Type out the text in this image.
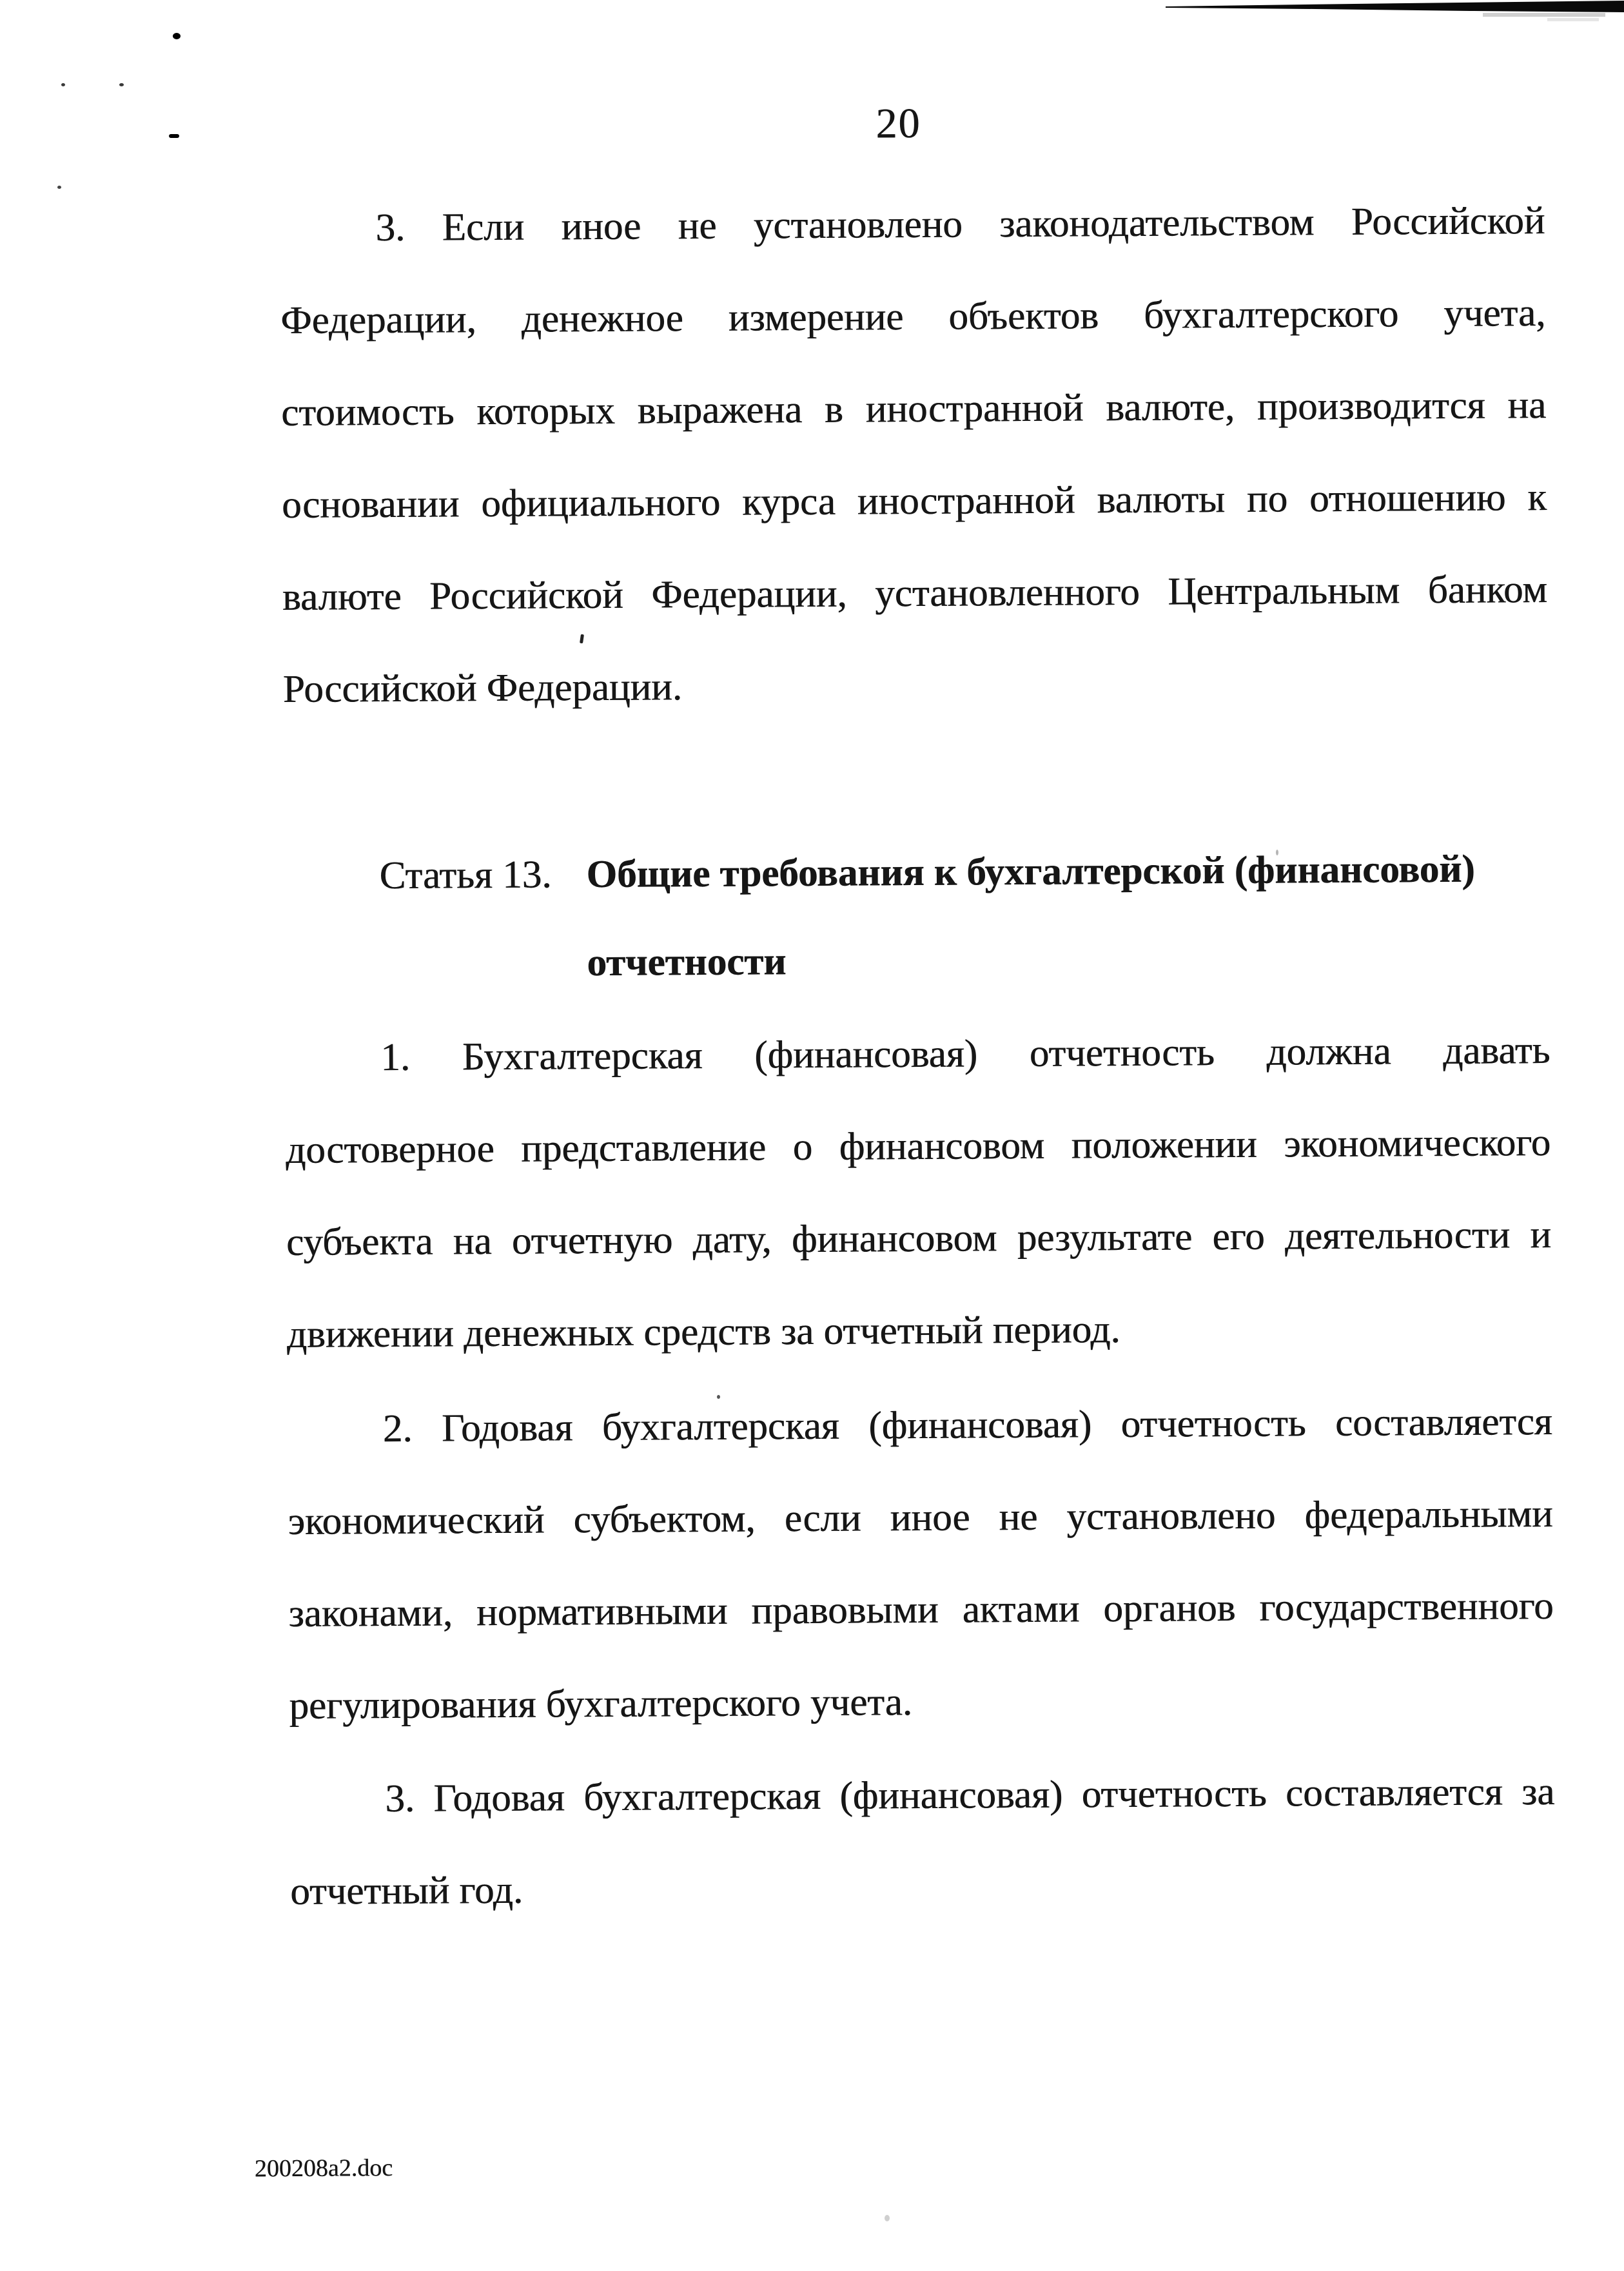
20

3. Если иное не установлено законодательством Российской
Федерации, денежное измерение объектов бухгалтерского учета,
стоимость которых выражена в иностранной валюте, производится на
основании официального курса иностранной валюты по отношению к
валюте Российской Федерации, установленного Центральным банком
Российской Федерации.

Статья 13. Общие требования к бухгалтерской (финансовой)
отчетности

1. Бухгалтерская (финансовая) отчетность должна давать
достоверное представление о финансовом положении экономического
субъекта на отчетную дату, финансовом результате его деятельности и
движении денежных средств за отчетный период.

2. Годовая бухгалтерская (финансовая) отчетность составляется
экономический субъектом, если иное не установлено федеральными
законами, нормативными правовыми актами органов государственного
регулирования бухгалтерского учета.

3. Годовая бухгалтерская (финансовая) отчетность составляется за
отчетный год.

200208a2.doc
